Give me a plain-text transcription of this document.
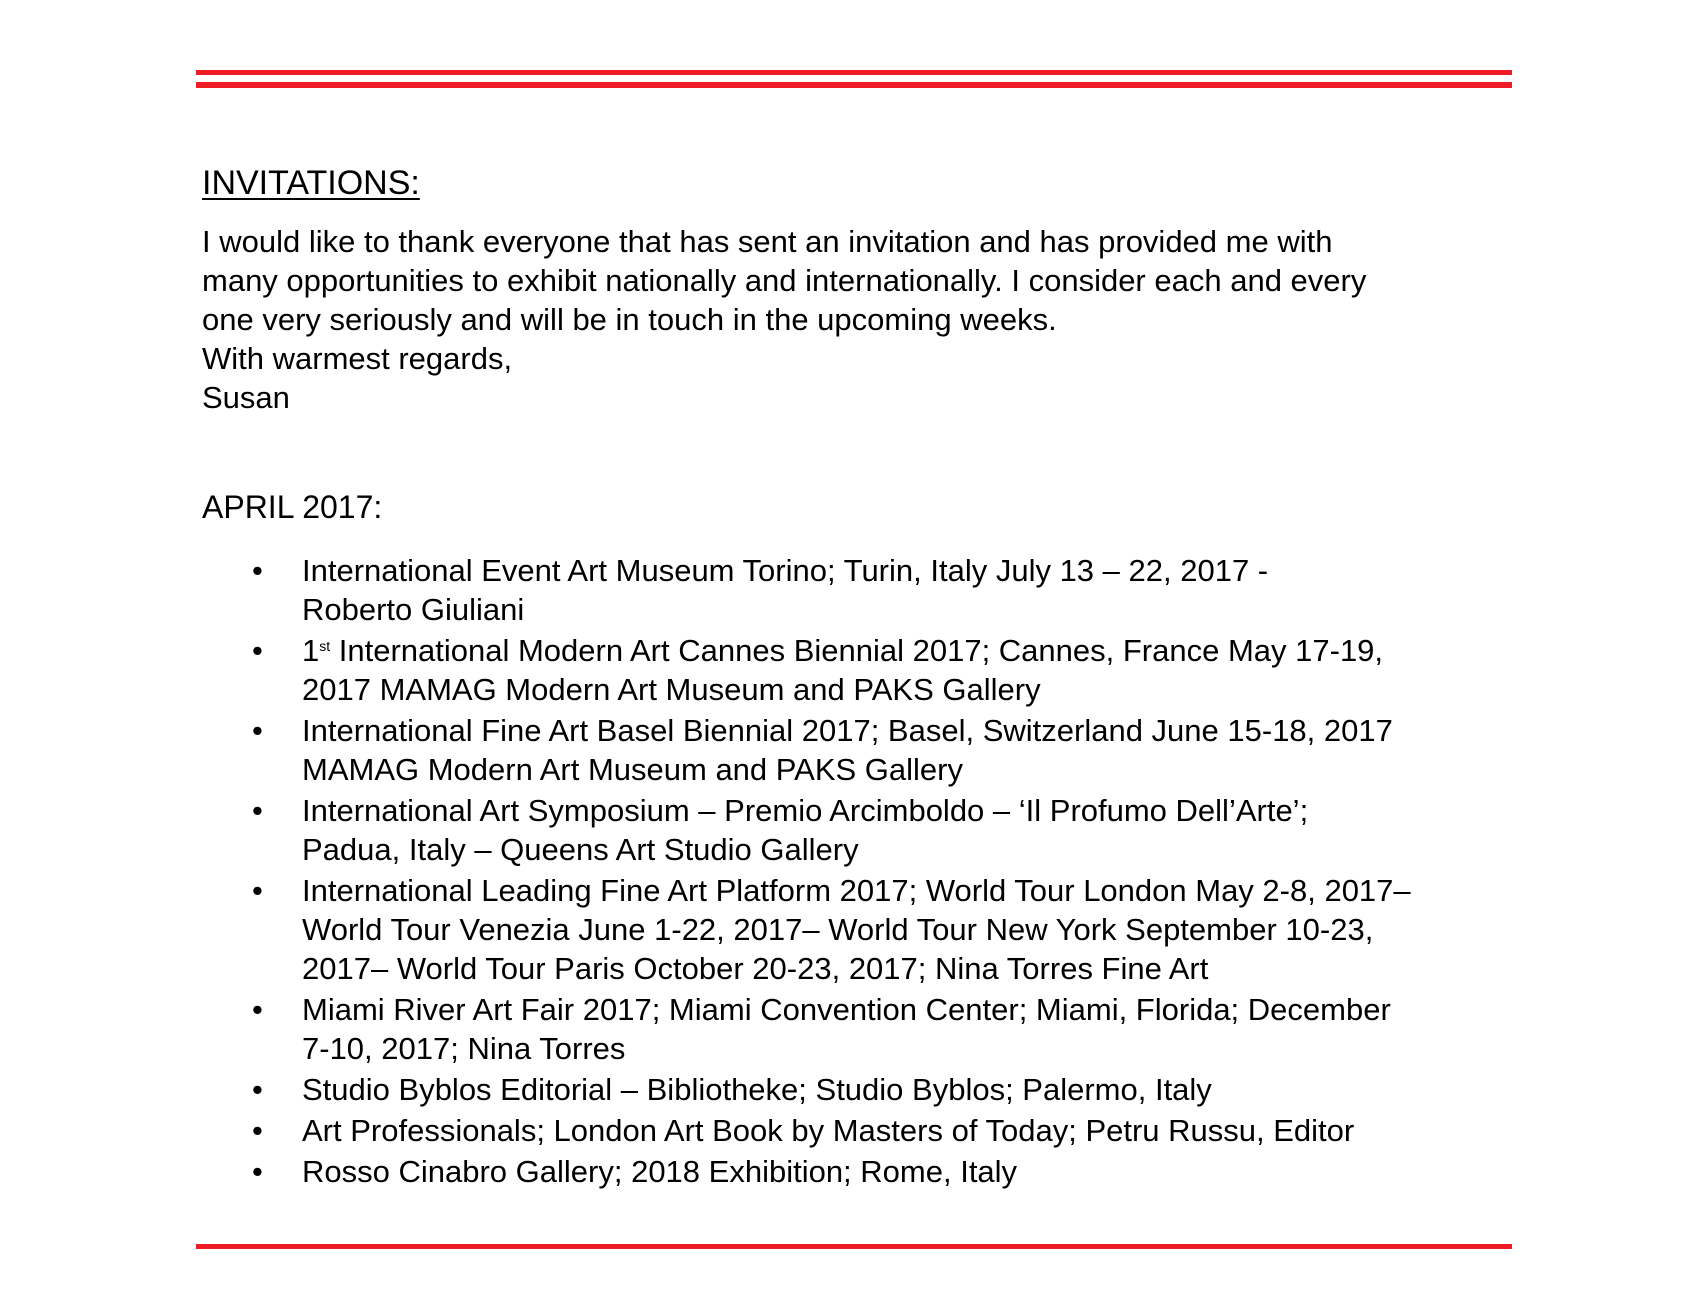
INVITATIONS:

I would like to thank everyone that has sent an invitation and has provided me with

many opportunities to exhibit nationally and internationally. I consider each and every

one very seriously and will be in touch in the upcoming weeks.

With warmest regards,

Susan

APRIL 2017:
• International Event Art Museum Torino; Turin, Italy July 13 – 22, 2017 -
Roberto Giuliani
• 1st International Modern Art Cannes Biennial 2017; Cannes, France May 17-19,
2017 MAMAG Modern Art Museum and PAKS Gallery
• International Fine Art Basel Biennial 2017; Basel, Switzerland June 15-18, 2017
MAMAG Modern Art Museum and PAKS Gallery
• International Art Symposium – Premio Arcimboldo – ‘Il Profumo Dell’Arte’;
Padua, Italy – Queens Art Studio Gallery
• International Leading Fine Art Platform 2017; World Tour London May 2-8, 2017–
World Tour Venezia June 1-22, 2017– World Tour New York September 10-23,
2017– World Tour Paris October 20-23, 2017; Nina Torres Fine Art
• Miami River Art Fair 2017; Miami Convention Center; Miami, Florida; December
7-10, 2017; Nina Torres
• Studio Byblos Editorial – Bibliotheke; Studio Byblos; Palermo, Italy
• Art Professionals; London Art Book by Masters of Today; Petru Russu, Editor
• Rosso Cinabro Gallery; 2018 Exhibition; Rome, Italy
